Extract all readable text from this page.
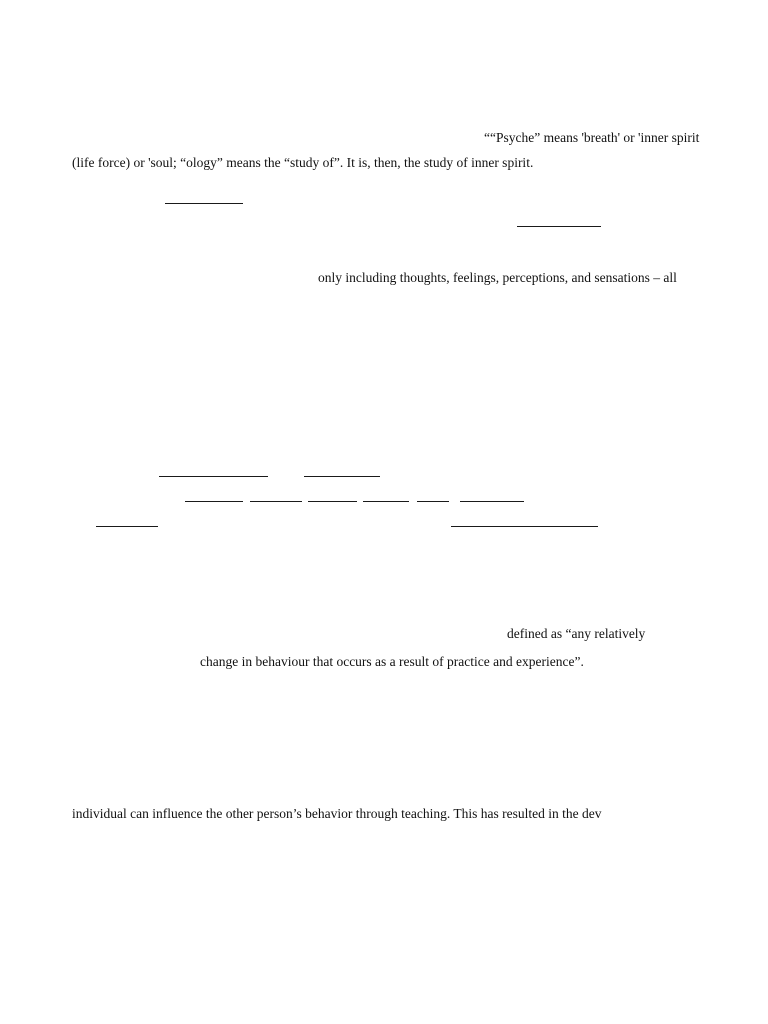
““Psyche” means 'breath' or 'inner spirit
(life force) or 'soul; “ology” means the “study of”. It is, then, the study of inner spirit.
only including thoughts, feelings, perceptions, and sensations – all
defined as “any relatively
change in behaviour that occurs as a result of practice and experience”.
individual can influence the other person’s behavior through teaching. This has resulted in the dev
